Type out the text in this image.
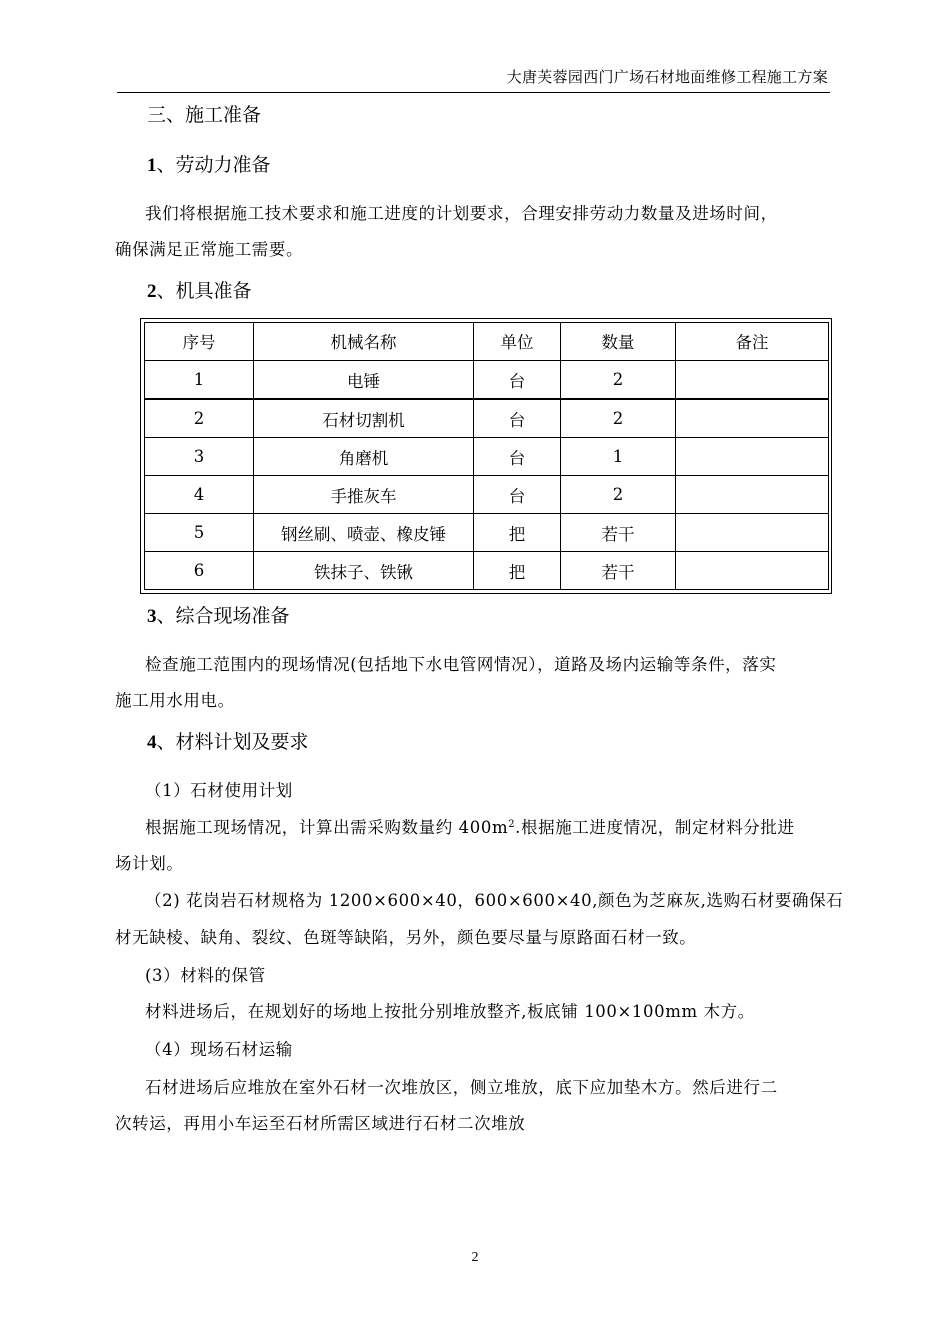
大唐芙蓉园西门广场石材地面维修工程施工方案
三、施工准备
1、劳动力准备
我们将根据施工技术要求和施工进度的计划要求，合理安排劳动力数量及进场时间，
确保满足正常施工需要。
2、机具准备
序号	机械名称	单位	数量	备注
1	电锤	台	2	
2	石材切割机	台	2	
3	角磨机	台	1	
4	手推灰车	台	2	
5	钢丝刷、喷壶、橡皮锤	把	若干	
6	铁抹子、铁锹	把	若干	
3、综合现场准备
检查施工范围内的现场情况(包括地下水电管网情况），道路及场内运输等条件，落实
施工用水用电。
4、材料计划及要求
（1）石材使用计划
根据施工现场情况，计算出需采购数量约 $400m^2$.根据施工进度情况，制定材料分批进
场计划。
（2) 花岗岩石材规格为 1200×600×40，600×600×40,颜色为芝麻灰,选购石材要确保石
材无缺棱、缺角、裂纹、色斑等缺陷，另外，颜色要尽量与原路面石材一致。
(3）材料的保管
材料进场后，在规划好的场地上按批分别堆放整齐,板底铺 100×100mm 木方。
（4）现场石材运输
石材进场后应堆放在室外石材一次堆放区，侧立堆放，底下应加垫木方。然后进行二
次转运，再用小车运至石材所需区域进行石材二次堆放
2
